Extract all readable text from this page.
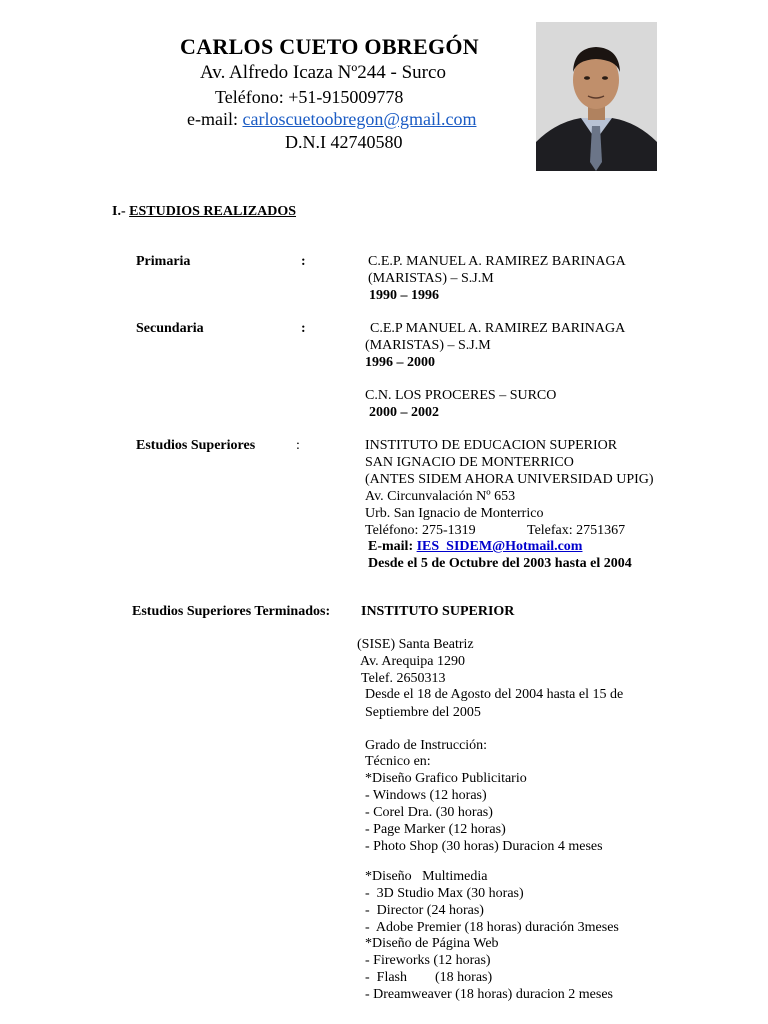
CARLOS CUETO OBREGÓN
Av. Alfredo Icaza Nº244 - Surco
Teléfono: +51-915009778
e-mail: carloscuetoobregon@gmail.com
D.N.I 42740580
I.- ESTUDIOS REALIZADOS
Primaria	:	C.E.P. MANUEL A. RAMIREZ BARINAGA
(MARISTAS) – S.J.M
1990 – 1996
Secundaria	:	C.E.P MANUEL A. RAMIREZ BARINAGA
(MARISTAS) – S.J.M
1996 – 2000
C.N. LOS PROCERES – SURCO
2000 – 2002
Estudios Superiores	:	INSTITUTO DE EDUCACION SUPERIOR
SAN IGNACIO DE MONTERRICO
(ANTES SIDEM AHORA UNIVERSIDAD UPIG)
Av. Circunvalación Nº 653
Urb. San Ignacio de Monterrico
Teléfono: 275-1319	Telefax: 2751367
E-mail: IES_SIDEM@Hotmail.com
Desde el 5 de Octubre del 2003 hasta el 2004
Estudios Superiores Terminados: INSTITUTO SUPERIOR
(SISE) Santa Beatriz
Av. Arequipa 1290
Telef. 2650313
Desde el 18 de Agosto del 2004 hasta el 15 de
Septiembre del 2005
Grado de Instrucción:
Técnico en:
*Diseño Grafico Publicitario
- Windows (12 horas)
- Corel Dra. (30 horas)
- Page Marker (12 horas)
- Photo Shop (30 horas) Duracion 4 meses
*Diseño   Multimedia
-  3D Studio Max (30 horas)
-  Director (24 horas)
-  Adobe Premier (18 horas) duración 3meses
*Diseño de Página Web
- Fireworks (12 horas)
-  Flash        (18 horas)
- Dreamweaver (18 horas) duracion 2 meses
